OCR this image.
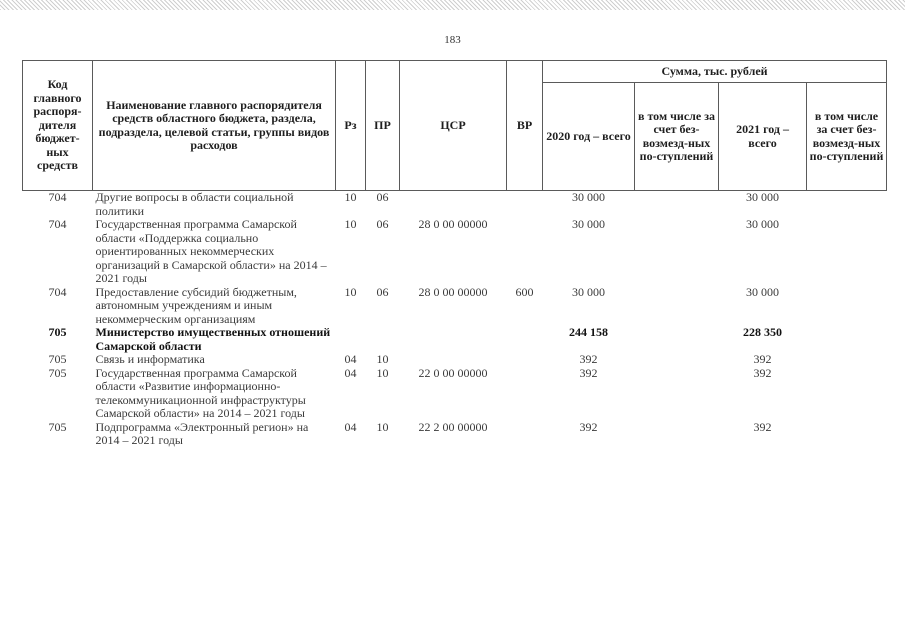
183
Код главного распоря-дителя бюджет-ных средств	Наименование главного распорядителя средств областного бюджета, раздела, подраздела, целевой статьи, группы видов расходов	Рз	ПР	ЦСР	ВР	Сумма, тыс. рублей			
						2020 год – всего	в том числе за счет без-возмезд-ных по-ступлений	2021 год – всего	в том числе за счет без-возмезд-ных по-ступлений
704	Другие вопросы в области социальной политики	10	06			30 000		30 000	
704	Государственная программа Самарской области «Поддержка социально ориентированных некоммерческих организаций в Самарской области» на 2014 – 2021 годы	10	06	28 0 00 00000		30 000		30 000	
704	Предоставление субсидий бюджетным, автономным учреждениям и иным некоммерческим организациям	10	06	28 0 00 00000	600	30 000		30 000	
705	Министерство имущественных отношений Самарской области					244 158		228 350	
705	Связь и информатика	04	10			392		392	
705	Государственная программа Самарской области «Развитие информационно-телекоммуникационной инфраструктуры Самарской области» на 2014 – 2021 годы	04	10	22 0 00 00000		392		392	
705	Подпрограмма «Электронный регион» на 2014 – 2021 годы	04	10	22 2 00 00000		392		392	
